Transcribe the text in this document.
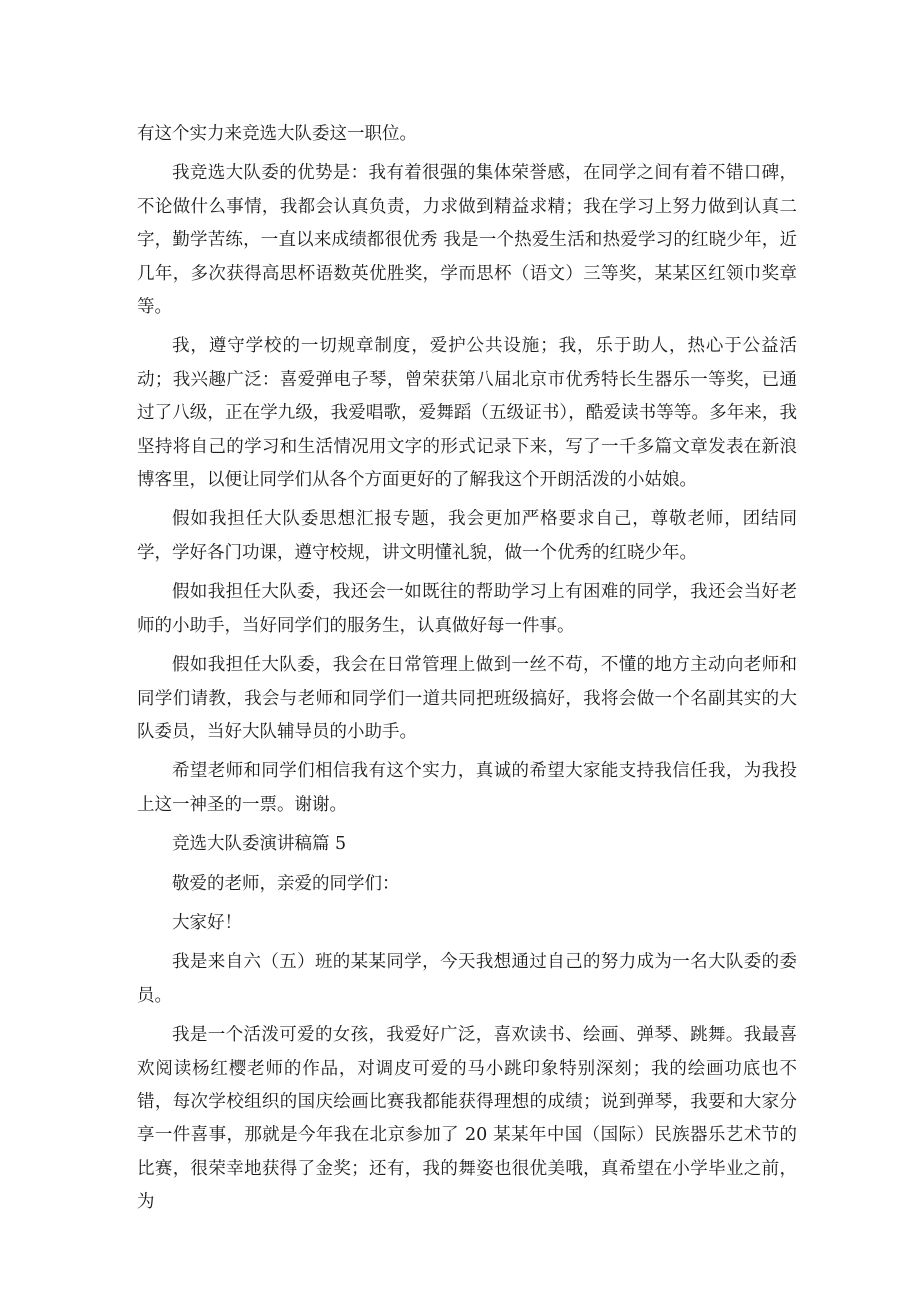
有这个实力来竞选大队委这一职位。

我竞选大队委的优势是：我有着很强的集体荣誉感，在同学之间有着不错口碑，不论做什么事情，我都会认真负责，力求做到精益求精；我在学习上努力做到认真二字，勤学苦练，一直以来成绩都很优秀 我是一个热爱生活和热爱学习的红晓少年，近几年，多次获得高思杯语数英优胜奖，学而思杯（语文）三等奖，某某区红领巾奖章等。

我，遵守学校的一切规章制度，爱护公共设施；我，乐于助人，热心于公益活动；我兴趣广泛：喜爱弹电子琴，曾荣获第八届北京市优秀特长生器乐一等奖，已通过了八级，正在学九级，我爱唱歌，爱舞蹈（五级证书），酷爱读书等等。多年来，我坚持将自己的学习和生活情况用文字的形式记录下来，写了一千多篇文章发表在新浪博客里，以便让同学们从各个方面更好的了解我这个开朗活泼的小姑娘。

假如我担任大队委思想汇报专题，我会更加严格要求自己，尊敬老师，团结同学，学好各门功课，遵守校规，讲文明懂礼貌，做一个优秀的红晓少年。

假如我担任大队委，我还会一如既往的帮助学习上有困难的同学，我还会当好老师的小助手，当好同学们的服务生，认真做好每一件事。

假如我担任大队委，我会在日常管理上做到一丝不苟，不懂的地方主动向老师和同学们请教，我会与老师和同学们一道共同把班级搞好，我将会做一个名副其实的大队委员，当好大队辅导员的小助手。

希望老师和同学们相信我有这个实力，真诚的希望大家能支持我信任我，为我投上这一神圣的一票。谢谢。

竞选大队委演讲稿篇 5

敬爱的老师，亲爱的同学们：

大家好！

我是来自六（五）班的某某同学，今天我想通过自己的努力成为一名大队委的委员。

我是一个活泼可爱的女孩，我爱好广泛，喜欢读书、绘画、弹琴、跳舞。我最喜欢阅读杨红樱老师的作品，对调皮可爱的马小跳印象特别深刻；我的绘画功底也不错，每次学校组织的国庆绘画比赛我都能获得理想的成绩；说到弹琴，我要和大家分享一件喜事，那就是今年我在北京参加了 20 某某年中国（国际）民族器乐艺术节的比赛，很荣幸地获得了金奖；还有，我的舞姿也很优美哦，真希望在小学毕业之前，为
